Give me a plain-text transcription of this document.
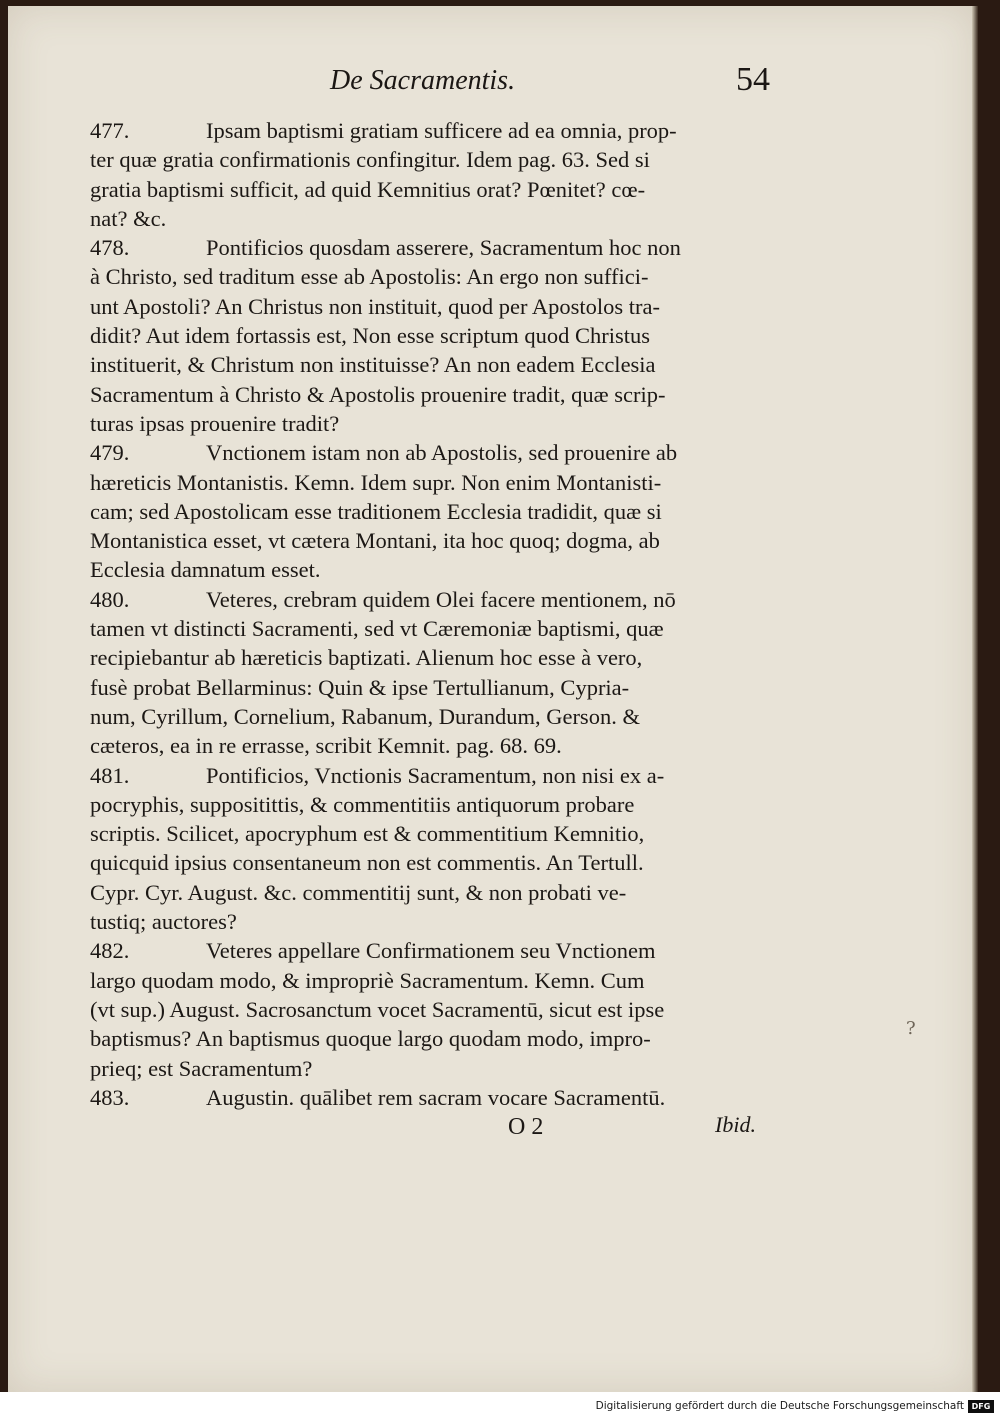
De Sacramentis.	54
477.	Ipsam baptismi gratiam sufficere ad ea omnia, prop-
ter quæ gratia confirmationis confingitur. Idem pag. 63. Sed si
gratia baptismi sufficit, ad quid Kemnitius orat? Pœnitet? cœ-
nat? &c.
478.	Pontificios quosdam asserere, Sacramentum hoc non
à Christo, sed traditum esse ab Apostolis: An ergo non suffici-
unt Apostoli? An Christus non instituit, quod per Apostolos tra-
didit? Aut idem fortassis est, Non esse scriptum quod Christus
instituerit, & Christum non instituisse? An non eadem Ecclesia
Sacramentum à Christo & Apostolis prouenire tradit, quæ scrip-
turas ipsas prouenire tradit?
479.	Vnctionem istam non ab Apostolis, sed prouenire ab
hæreticis Montanistis. Kemn. Idem supr. Non enim Montanisti-
cam; sed Apostolicam esse traditionem Ecclesia tradidit, quæ si
Montanistica esset, vt cætera Montani, ita hoc quoq; dogma, ab
Ecclesia damnatum esset.
480.	Veteres, crebram quidem Olei facere mentionem, nō
tamen vt distincti Sacramenti, sed vt Cæremoniæ baptismi, quæ
recipiebantur ab hæreticis baptizati. Alienum hoc esse à vero,
fusè probat Bellarminus: Quin & ipse Tertullianum, Cypria-
num, Cyrillum, Cornelium, Rabanum, Durandum, Gerson. &
cæteros, ea in re errasse, scribit Kemnit. pag. 68. 69.
481.	Pontificios, Vnctionis Sacramentum, non nisi ex a-
pocryphis, suppositittis, & commentitiis antiquorum probare
scriptis. Scilicet, apocryphum est & commentitium Kemnitio,
quicquid ipsius consentaneum non est commentis. An Tertull.
Cypr. Cyr. August. &c. commentitij sunt, & non probati ve-
tustiq; auctores?
482.	Veteres appellare Confirmationem seu Vnctionem
largo quodam modo, & impropriè Sacramentum. Kemn. Cum
(vt sup.) August. Sacrosanctum vocet Sacramentū, sicut est ipse
baptismus? An baptismus quoque largo quodam modo, impro-
prieq; est Sacramentum?
483.	Augustin. quālibet rem sacram vocare Sacramentū.
O 2	Ibid.
?
Digitalisierung gefördert durch die Deutsche Forschungsgemeinschaft DFG
